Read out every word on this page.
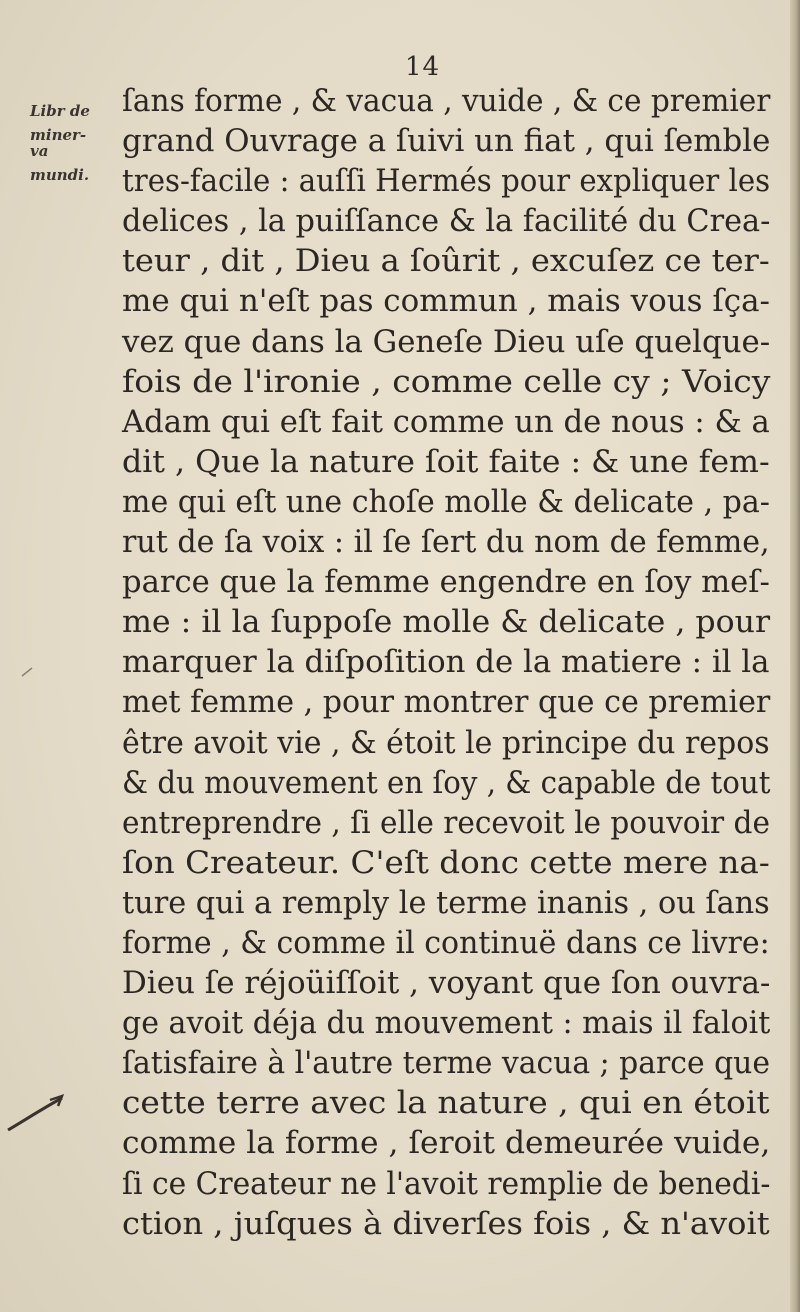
14
Libr de
miner-
va
mundi.
ſans forme , & vacua , vuide , & ce premier
grand Ouvrage a ſuivi un fiat , qui ſemble
tres-facile : auſſi Hermés pour expliquer les
delices , la puiſſance & la facilité du Crea-
teur , dit , Dieu a ſoûrit , excuſez ce ter-
me qui n'eſt pas commun , mais vous ſça-
vez que dans la Geneſe Dieu uſe quelque-
fois de l'ironie , comme celle cy ; Voicy
Adam qui eſt fait comme un de nous : & a
dit , Que la nature ſoit faite : & une fem-
me qui eſt une choſe molle & delicate , pa-
rut de ſa voix : il ſe ſert du nom de femme,
parce que la femme engendre en ſoy meſ-
me : il la ſuppoſe molle & delicate , pour
marquer la diſpoſition de la matiere : il la
met femme , pour montrer que ce premier
être avoit vie , & étoit le principe du repos
& du mouvement en ſoy , & capable de tout
entreprendre , ſi elle recevoit le pouvoir de
ſon Createur. C'eſt donc cette mere na-
ture qui a remply le terme inanis , ou ſans
forme , & comme il continuë dans ce livre:
Dieu ſe réjoüiſſoit , voyant que ſon ouvra-
ge avoit déja du mouvement : mais il faloit
ſatisfaire à l'autre terme vacua ; parce que
cette terre avec la nature , qui en étoit
comme la forme , ſeroit demeurée vuide,
ſi ce Createur ne l'avoit remplie de benedi-
ction , juſques à diverſes fois , & n'avoit
